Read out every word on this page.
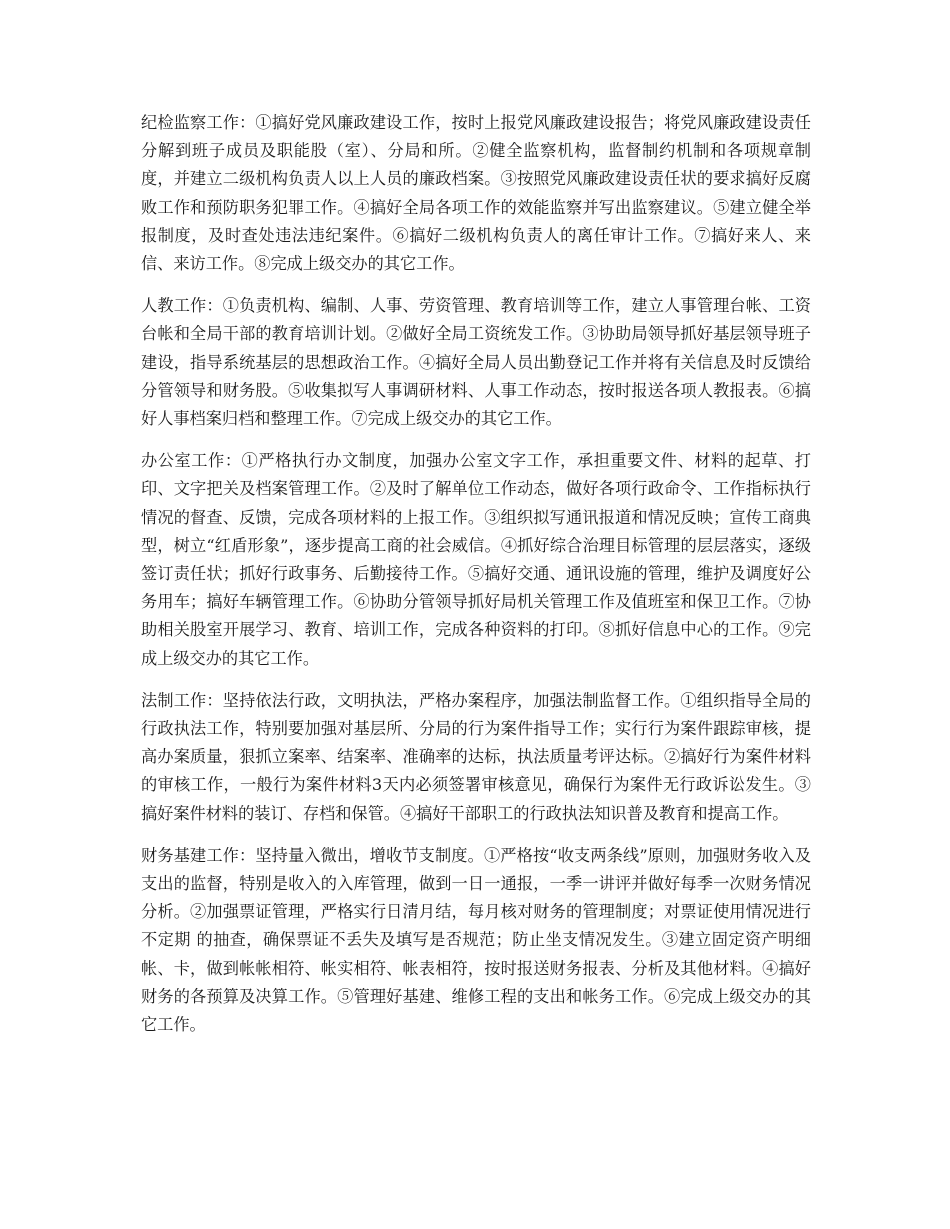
纪检监察工作：①搞好党风廉政建设工作，按时上报党风廉政建设报告；将党风廉政建设责任分解到班子成员及职能股（室）、分局和所。②健全监察机构，监督制约机制和各项规章制度，并建立二级机构负责人以上人员的廉政档案。③按照党风廉政建设责任状的要求搞好反腐败工作和预防职务犯罪工作。④搞好全局各项工作的效能监察并写出监察建议。⑤建立健全举报制度，及时查处违法违纪案件。⑥搞好二级机构负责人的离任审计工作。⑦搞好来人、来信、来访工作。⑧完成上级交办的其它工作。

人教工作：①负责机构、编制、人事、劳资管理、教育培训等工作，建立人事管理台帐、工资台帐和全局干部的教育培训计划。②做好全局工资统发工作。③协助局领导抓好基层领导班子建设，指导系统基层的思想政治工作。④搞好全局人员出勤登记工作并将有关信息及时反馈给分管领导和财务股。⑤收集拟写人事调研材料、人事工作动态，按时报送各项人教报表。⑥搞好人事档案归档和整理工作。⑦完成上级交办的其它工作。

办公室工作：①严格执行办文制度，加强办公室文字工作，承担重要文件、材料的起草、打印、文字把关及档案管理工作。②及时了解单位工作动态，做好各项行政命令、工作指标执行情况的督查、反馈，完成各项材料的上报工作。③组织拟写通讯报道和情况反映；宣传工商典型，树立“红盾形象”，逐步提高工商的社会威信。④抓好综合治理目标管理的层层落实，逐级签订责任状；抓好行政事务、后勤接待工作。⑤搞好交通、通讯设施的管理，维护及调度好公务用车；搞好车辆管理工作。⑥协助分管领导抓好局机关管理工作及值班室和保卫工作。⑦协助相关股室开展学习、教育、培训工作，完成各种资料的打印。⑧抓好信息中心的工作。⑨完成上级交办的其它工作。

法制工作：坚持依法行政，文明执法，严格办案程序，加强法制监督工作。①组织指导全局的行政执法工作，特别要加强对基层所、分局的行为案件指导工作；实行行为案件跟踪审核，提高办案质量，狠抓立案率、结案率、准确率的达标，执法质量考评达标。②搞好行为案件材料的审核工作，一般行为案件材料3天内必须签署审核意见，确保行为案件无行政诉讼发生。③搞好案件材料的装订、存档和保管。④搞好干部职工的行政执法知识普及教育和提高工作。

财务基建工作：坚持量入微出，增收节支制度。①严格按“收支两条线”原则，加强财务收入及支出的监督，特别是收入的入库管理，做到一日一通报，一季一讲评并做好每季一次财务情况分析。②加强票证管理，严格实行日清月结，每月核对财务的管理制度；对票证使用情况进行不定期 的抽查，确保票证不丢失及填写是否规范；防止坐支情况发生。③建立固定资产明细帐、卡，做到帐帐相符、帐实相符、帐表相符，按时报送财务报表、分析及其他材料。④搞好财务的各预算及决算工作。⑤管理好基建、维修工程的支出和帐务工作。⑥完成上级交办的其它工作。
